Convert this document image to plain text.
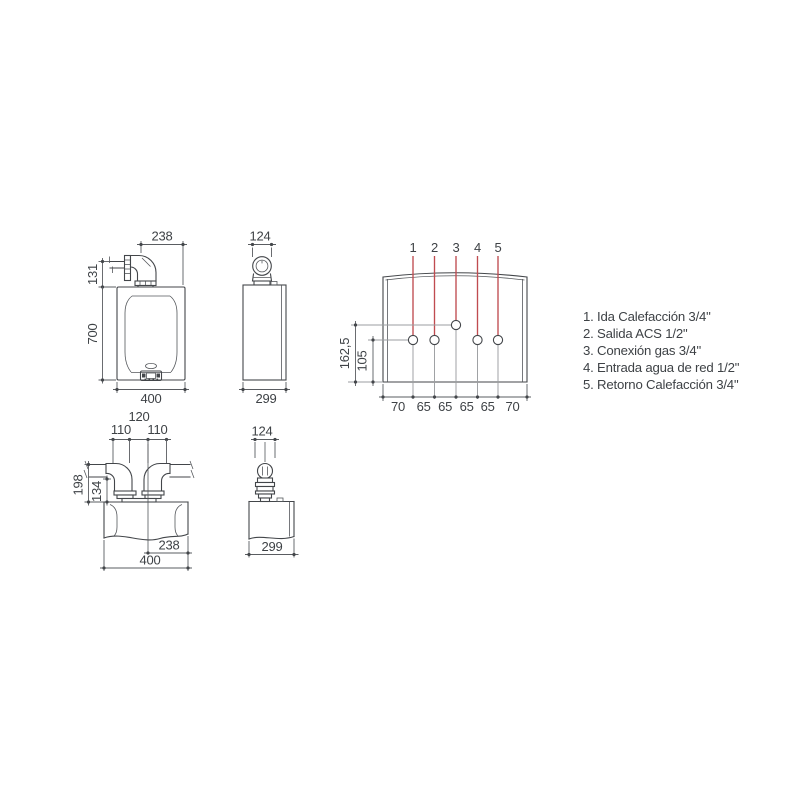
238
131
700
400
124
299
1 2 3 4 5
162,5 105
70 65 65 65 65 70
1. Ida Calefacción 3/4"
2. Salida ACS 1/2"
3. Conexión gas 3/4"
4. Entrada agua de red 1/2"
5. Retorno Calefacción 3/4"
120
110 110
198 134
238
400
124
299
